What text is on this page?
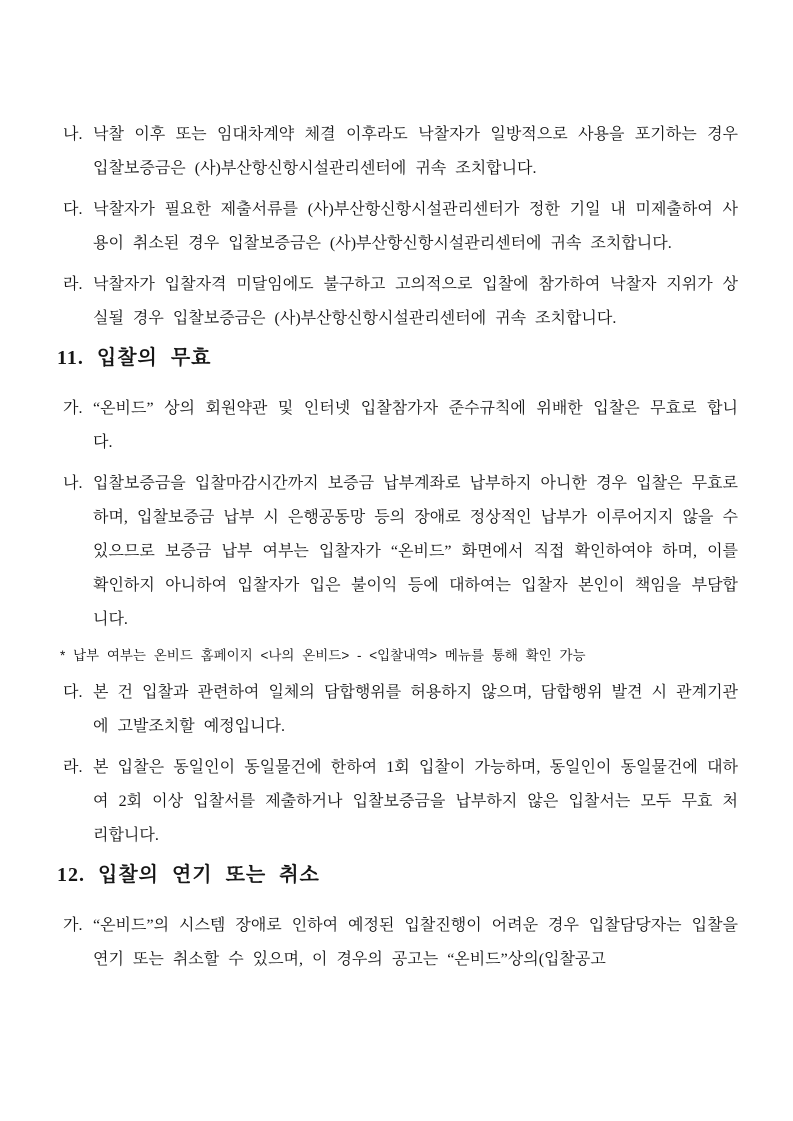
나. 낙찰 이후 또는 임대차계약 체결 이후라도 낙찰자가 일방적으로 사용을 포기하는 경우 입찰보증금은 (사)부산항신항시설관리센터에 귀속 조치합니다.
다. 낙찰자가 필요한 제출서류를 (사)부산항신항시설관리센터가 정한 기일 내 미제출하여 사용이 취소된 경우 입찰보증금은 (사)부산항신항시설관리센터에 귀속 조치합니다.
라. 낙찰자가 입찰자격 미달임에도 불구하고 고의적으로 입찰에 참가하여 낙찰자 지위가 상실될 경우 입찰보증금은 (사)부산항신항시설관리센터에 귀속 조치합니다.
11. 입찰의 무효
가. “온비드” 상의 회원약관 및 인터넷 입찰참가자 준수규칙에 위배한 입찰은 무효로 합니다.
나. 입찰보증금을 입찰마감시간까지 보증금 납부계좌로 납부하지 아니한 경우 입찰은 무효로 하며, 입찰보증금 납부 시 은행공동망 등의 장애로 정상적인 납부가 이루어지지 않을 수 있으므로 보증금 납부 여부는 입찰자가 “온비드” 화면에서 직접 확인하여야 하며, 이를 확인하지 아니하여 입찰자가 입은 불이익 등에 대하여는 입찰자 본인이 책임을 부담합니다.
* 납부 여부는 온비드 홈페이지 <나의 온비드> - <입찰내역> 메뉴를 통해 확인 가능
다. 본 건 입찰과 관련하여 일체의 담합행위를 허용하지 않으며, 담합행위 발견 시 관계기관에 고발조치할 예정입니다.
라. 본 입찰은 동일인이 동일물건에 한하여 1회 입찰이 가능하며, 동일인이 동일물건에 대하여 2회 이상 입찰서를 제출하거나 입찰보증금을 납부하지 않은 입찰서는 모두 무효 처리합니다.
12. 입찰의 연기 또는 취소
가. “온비드”의 시스템 장애로 인하여 예정된 입찰진행이 어려운 경우 입찰담당자는 입찰을 연기 또는 취소할 수 있으며, 이 경우의 공고는 “온비드”상의(입찰공고
